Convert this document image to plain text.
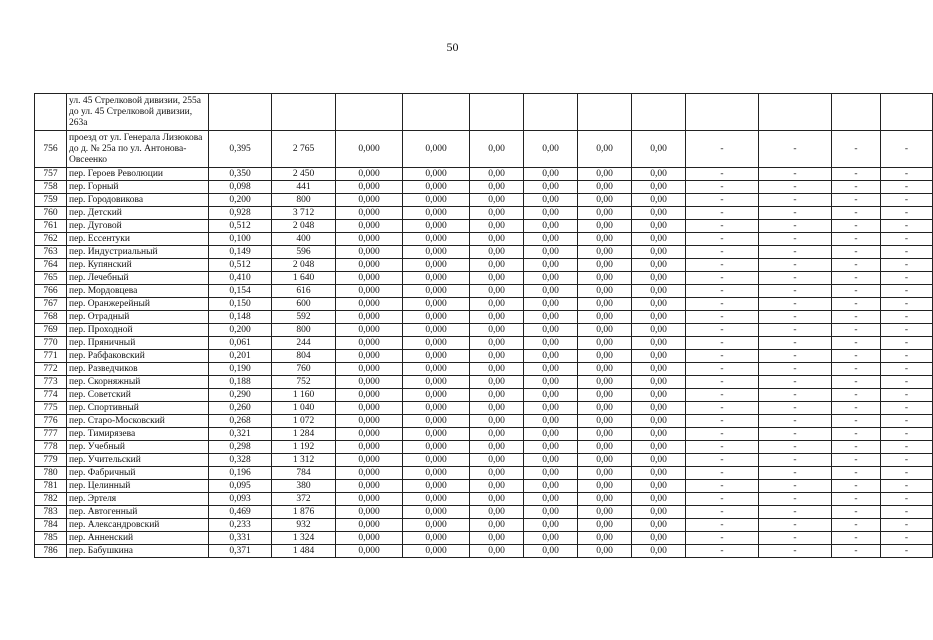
50
	ул. 45 Стрелковой дивизии, 255а до ул. 45 Стрелковой дивизии, 263а												
756	проезд от ул. Генерала Лизюкова до д. № 25а по ул. Антонова-Овсеенко	0,395	2 765	0,000	0,000	0,00	0,00	0,00	0,00	-	-	-	-
757	пер. Героев Революции	0,350	2 450	0,000	0,000	0,00	0,00	0,00	0,00	-	-	-	-
758	пер. Горный	0,098	441	0,000	0,000	0,00	0,00	0,00	0,00	-	-	-	-
759	пер. Городовикова	0,200	800	0,000	0,000	0,00	0,00	0,00	0,00	-	-	-	-
760	пер. Детский	0,928	3 712	0,000	0,000	0,00	0,00	0,00	0,00	-	-	-	-
761	пер. Дуговой	0,512	2 048	0,000	0,000	0,00	0,00	0,00	0,00	-	-	-	-
762	пер. Ессентуки	0,100	400	0,000	0,000	0,00	0,00	0,00	0,00	-	-	-	-
763	пер. Индустриальный	0,149	596	0,000	0,000	0,00	0,00	0,00	0,00	-	-	-	-
764	пер. Купянский	0,512	2 048	0,000	0,000	0,00	0,00	0,00	0,00	-	-	-	-
765	пер. Лечебный	0,410	1 640	0,000	0,000	0,00	0,00	0,00	0,00	-	-	-	-
766	пер. Мордовцева	0,154	616	0,000	0,000	0,00	0,00	0,00	0,00	-	-	-	-
767	пер. Оранжерейный	0,150	600	0,000	0,000	0,00	0,00	0,00	0,00	-	-	-	-
768	пер. Отрадный	0,148	592	0,000	0,000	0,00	0,00	0,00	0,00	-	-	-	-
769	пер. Проходной	0,200	800	0,000	0,000	0,00	0,00	0,00	0,00	-	-	-	-
770	пер. Пряничный	0,061	244	0,000	0,000	0,00	0,00	0,00	0,00	-	-	-	-
771	пер. Рабфаковский	0,201	804	0,000	0,000	0,00	0,00	0,00	0,00	-	-	-	-
772	пер. Разведчиков	0,190	760	0,000	0,000	0,00	0,00	0,00	0,00	-	-	-	-
773	пер. Скорняжный	0,188	752	0,000	0,000	0,00	0,00	0,00	0,00	-	-	-	-
774	пер. Советский	0,290	1 160	0,000	0,000	0,00	0,00	0,00	0,00	-	-	-	-
775	пер. Спортивный	0,260	1 040	0,000	0,000	0,00	0,00	0,00	0,00	-	-	-	-
776	пер. Старо-Московский	0,268	1 072	0,000	0,000	0,00	0,00	0,00	0,00	-	-	-	-
777	пер. Тимирязева	0,321	1 284	0,000	0,000	0,00	0,00	0,00	0,00	-	-	-	-
778	пер. Учебный	0,298	1 192	0,000	0,000	0,00	0,00	0,00	0,00	-	-	-	-
779	пер. Учительский	0,328	1 312	0,000	0,000	0,00	0,00	0,00	0,00	-	-	-	-
780	пер. Фабричный	0,196	784	0,000	0,000	0,00	0,00	0,00	0,00	-	-	-	-
781	пер. Целинный	0,095	380	0,000	0,000	0,00	0,00	0,00	0,00	-	-	-	-
782	пер. Эртеля	0,093	372	0,000	0,000	0,00	0,00	0,00	0,00	-	-	-	-
783	пер. Автогенный	0,469	1 876	0,000	0,000	0,00	0,00	0,00	0,00	-	-	-	-
784	пер. Александровский	0,233	932	0,000	0,000	0,00	0,00	0,00	0,00	-	-	-	-
785	пер. Анненский	0,331	1 324	0,000	0,000	0,00	0,00	0,00	0,00	-	-	-	-
786	пер. Бабушкина	0,371	1 484	0,000	0,000	0,00	0,00	0,00	0,00	-	-	-	-
